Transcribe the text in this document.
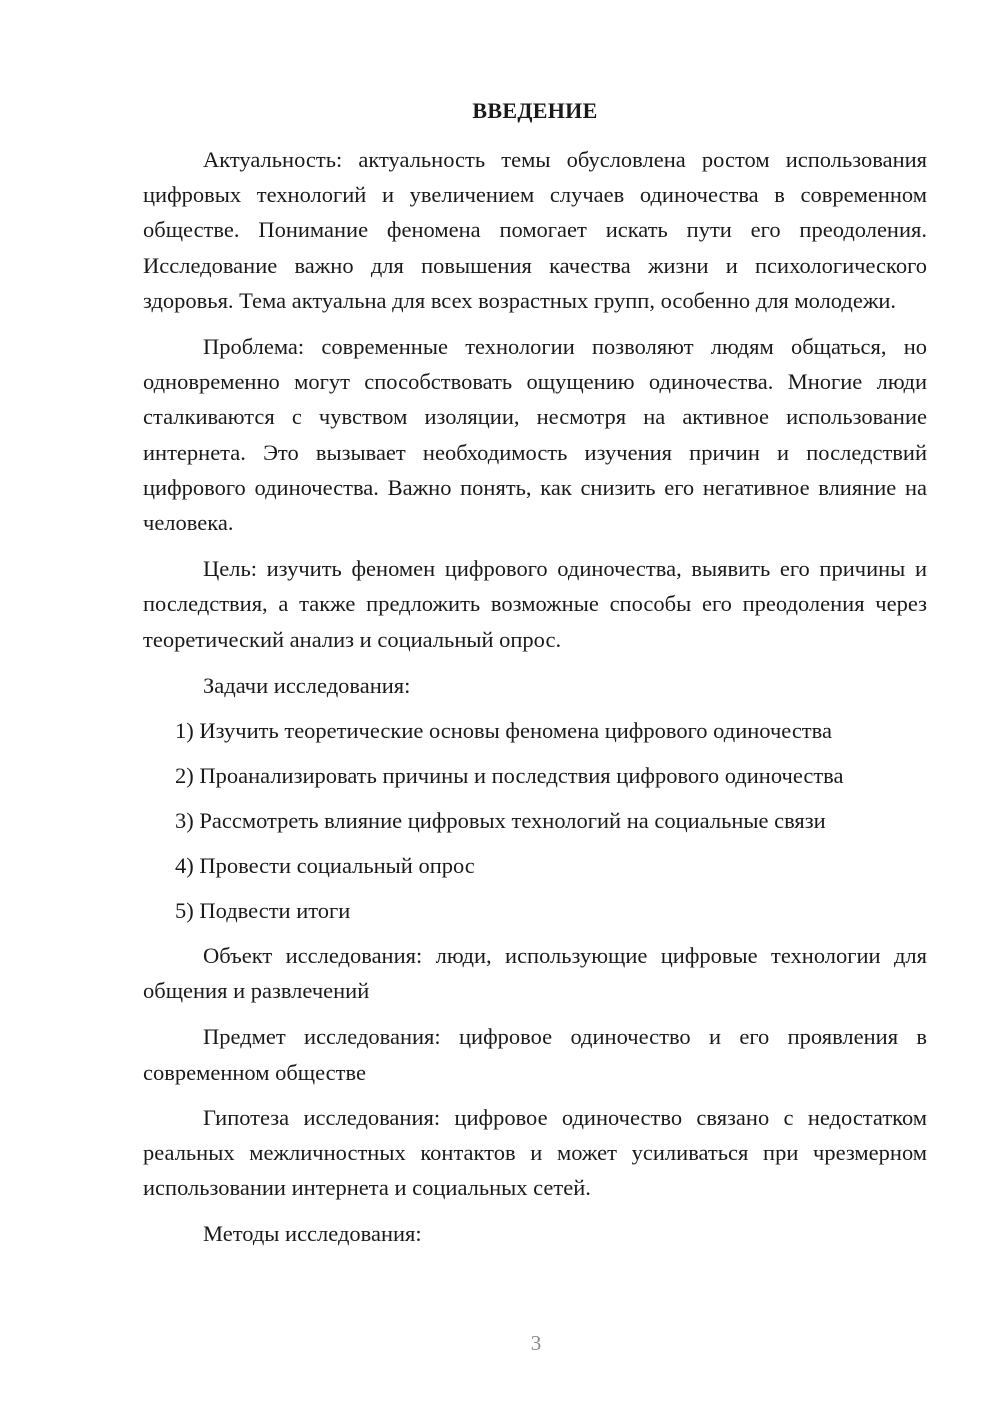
ВВЕДЕНИЕ

Актуальность: актуальность темы обусловлена ростом использования цифровых технологий и увеличением случаев одиночества в современном обществе. Понимание феномена помогает искать пути его преодоления. Исследование важно для повышения качества жизни и психологического здоровья. Тема актуальна для всех возрастных групп, особенно для молодежи.

Проблема: современные технологии позволяют людям общаться, но одновременно могут способствовать ощущению одиночества. Многие люди сталкиваются с чувством изоляции, несмотря на активное использование интернета. Это вызывает необходимость изучения причин и последствий цифрового одиночества. Важно понять, как снизить его негативное влияние на человека.

Цель: изучить феномен цифрового одиночества, выявить его причины и последствия, а также предложить возможные способы его преодоления через теоретический анализ и социальный опрос.

Задачи исследования:

1) Изучить теоретические основы феномена цифрового одиночества
2) Проанализировать причины и последствия цифрового одиночества
3) Рассмотреть влияние цифровых технологий на социальные связи
4) Провести социальный опрос
5) Подвести итоги

Объект исследования: люди, использующие цифровые технологии для общения и развлечений

Предмет исследования: цифровое одиночество и его проявления в современном обществе

Гипотеза исследования: цифровое одиночество связано с недостатком реальных межличностных контактов и может усиливаться при чрезмерном использовании интернета и социальных сетей.

Методы исследования:

3
